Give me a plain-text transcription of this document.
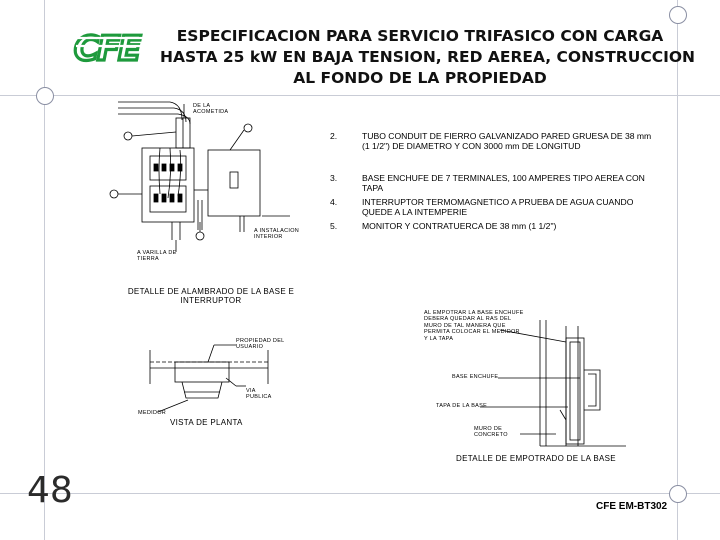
CFE	ESPECIFICACION PARA SERVICIO TRIFASICO CON CARGA
HASTA 25 kW EN BAJA TENSION, RED AEREA, CONSTRUCCION
AL FONDO DE LA PROPIEDAD
2.	TUBO CONDUIT DE FIERRO GALVANIZADO PARED GRUESA DE 38 mm (1 1/2") DE DIAMETRO Y CON 3000 mm DE LONGITUD
3.	BASE ENCHUFE DE 7 TERMINALES, 100 AMPERES TIPO AEREA CON TAPA
4.	INTERRUPTOR TERMOMAGNETICO A PRUEBA DE AGUA CUANDO QUEDE A LA INTEMPERIE
5.	MONITOR Y CONTRATUERCA DE 38 mm (1 1/2")
DE LA ACOMETIDA
A INSTALACION INTERIOR
A VARILLA DE TIERRA
DETALLE DE ALAMBRADO DE LA BASE E INTERRUPTOR
PROPIEDAD DEL USUARIO
VIA PUBLICA
MEDIDOR
VISTA DE PLANTA
AL EMPOTRAR LA BASE ENCHUFE DEBERA QUEDAR AL RAS DEL MURO DE TAL MANERA QUE PERMITA COLOCAR EL MEDIDOR Y LA TAPA
BASE ENCHUFE
TAPA DE LA BASE
MURO DE CONCRETO
DETALLE DE EMPOTRADO DE LA BASE
48	CFE EM-BT302
